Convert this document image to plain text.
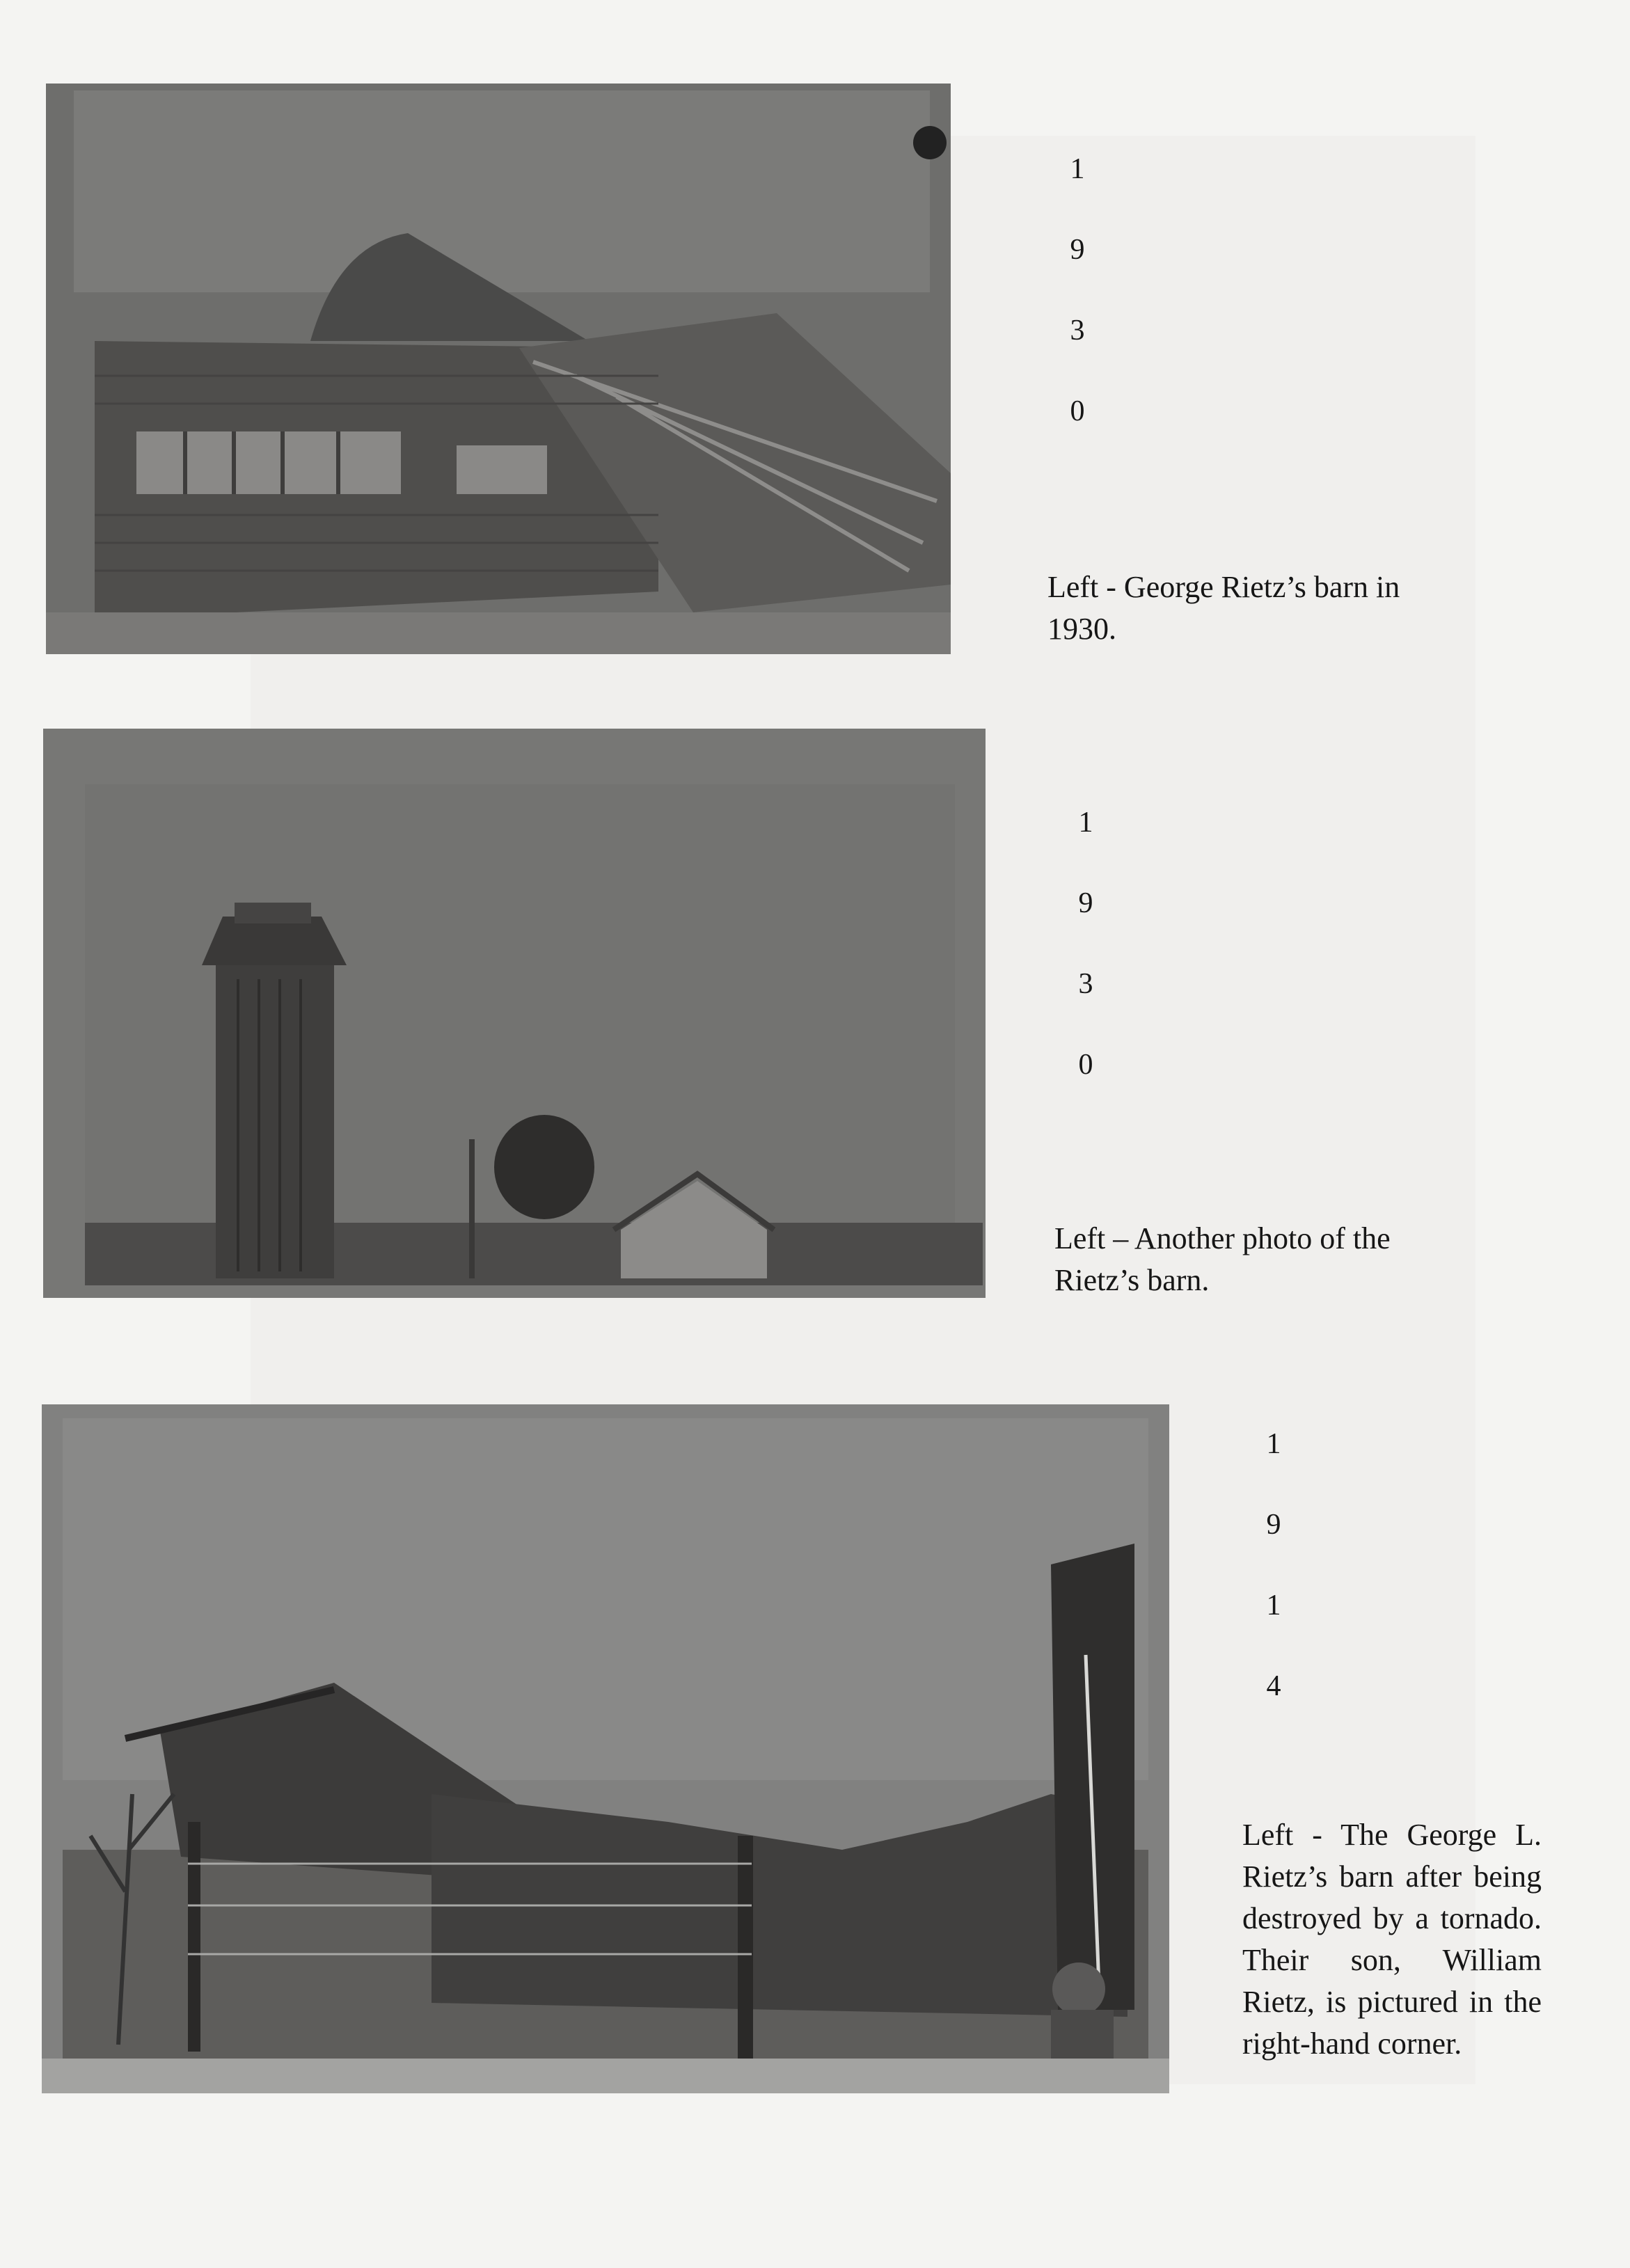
1
9
3
0
Left - George Rietz’s barn in 1930.
1
9
3
0
Left – Another photo of the Rietz’s barn.
1
9
1
4
Left - The George L. Rietz’s barn after being destroyed by a tornado. Their son, William Rietz, is pictured in the right-hand corner.
